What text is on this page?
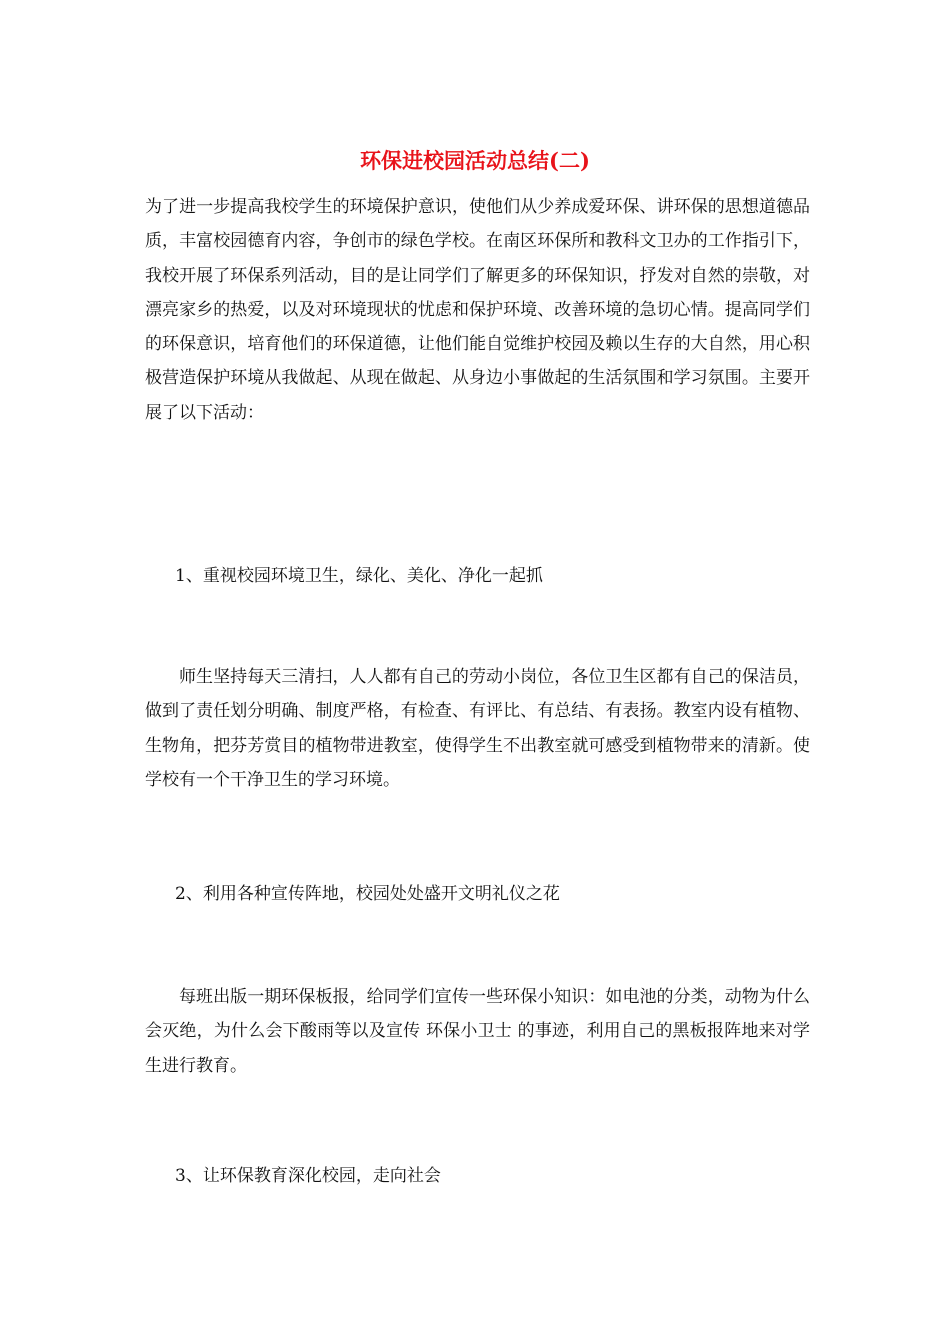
环保进校园活动总结(二)

为了进一步提高我校学生的环境保护意识，使他们从少养成爱环保、讲环保的思想道德品质，丰富校园德育内容，争创市的绿色学校。在南区环保所和教科文卫办的工作指引下，我校开展了环保系列活动，目的是让同学们了解更多的环保知识，抒发对自然的崇敬，对漂亮家乡的热爱，以及对环境现状的忧虑和保护环境、改善环境的急切心情。提高同学们的环保意识，培育他们的环保道德，让他们能自觉维护校园及赖以生存的大自然，用心积极营造保护环境从我做起、从现在做起、从身边小事做起的生活氛围和学习氛围。主要开展了以下活动：

1、重视校园环境卫生，绿化、美化、净化一起抓

师生坚持每天三清扫，人人都有自己的劳动小岗位，各位卫生区都有自己的保洁员，做到了责任划分明确、制度严格，有检查、有评比、有总结、有表扬。教室内设有植物、生物角，把芬芳赏目的植物带进教室，使得学生不出教室就可感受到植物带来的清新。使学校有一个干净卫生的学习环境。

2、利用各种宣传阵地，校园处处盛开文明礼仪之花

每班出版一期环保板报，给同学们宣传一些环保小知识：如电池的分类，动物为什么会灭绝，为什么会下酸雨等以及宣传 环保小卫士 的事迹，利用自己的黑板报阵地来对学生进行教育。

3、让环保教育深化校园，走向社会
